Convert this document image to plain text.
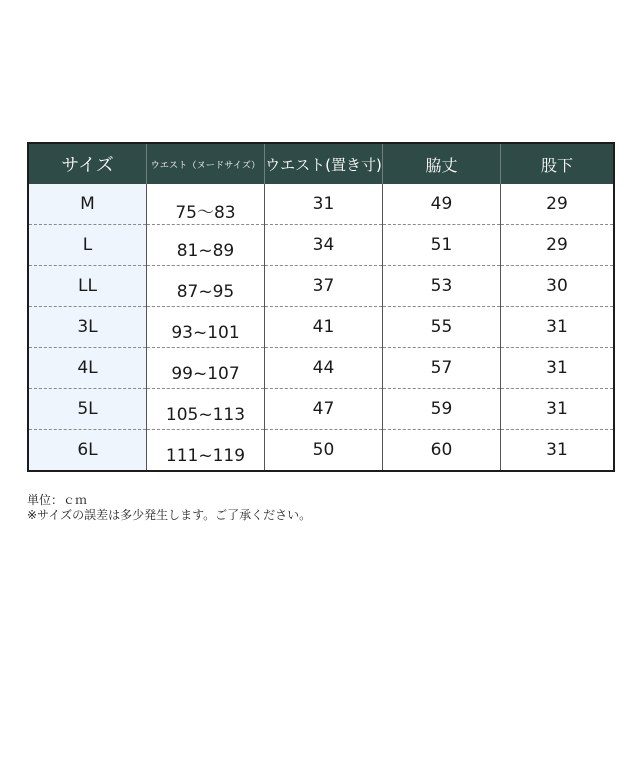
サイズ	ウエスト（ヌードサイズ）	ウエスト(置き寸)	脇丈	股下
M	75～83	31	49	29
L	81~89	34	51	29
LL	87~95	37	53	30
3L	93~101	41	55	31
4L	99~107	44	57	31
5L	105~113	47	59	31
6L	111~119	50	60	31
単位：ｃｍ
※サイズの誤差は多少発生します。ご了承ください。
